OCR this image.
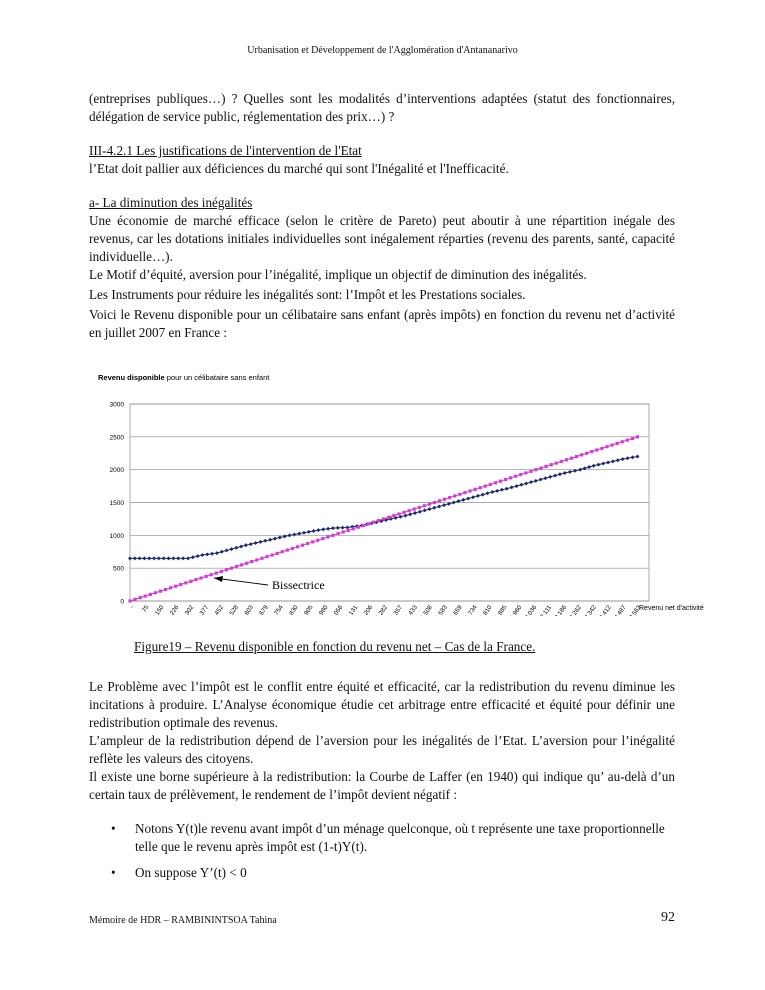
Urbanisation et Développement de l'Agglomération d'Antananarivo
(entreprises publiques…) ? Quelles sont les modalités d’interventions adaptées (statut des fonctionnaires, délégation de service public, réglementation des prix…) ?

III-4.2.1 Les justifications de l'intervention de l'Etat

l’Etat doit pallier aux déficiences du marché qui sont l'Inégalité et l'Inefficacité.

a- La diminution des inégalités

Une économie de marché efficace (selon le critère de Pareto) peut aboutir à une répartition inégale des revenus, car les dotations initiales individuelles sont inégalement réparties (revenu des parents, santé, capacité individuelle…).

Le Motif d’équité, aversion pour l’inégalité, implique un objectif de diminution des inégalités.

Les Instruments pour réduire les inégalités sont: l’Impôt et les Prestations sociales.

Voici le Revenu disponible pour un célibataire sans enfant (après impôts) en fonction du revenu net d’activité en juillet 2007 en France :

Revenu disponible pour un célibataire sans enfant
0
500
1000
1500
2000
2500
3000
- 75 150 226 302 377 452 528 603 679 754 830 905 980 1 056 1 131 1 206 1 282 1 357 1 433 1 508 1 583 1 659 1 734 1 810 1 885 1 960 2 036 2 111 2 186 2 262 2 342 2 412 2 487 2 563
Revenu net d'activité
Bissectrice
Figure19 – Revenu disponible en fonction du revenu net – Cas de la France.

Le Problème avec l’impôt est le conflit entre équité et efficacité, car la redistribution du revenu diminue les incitations à produire. L’Analyse économique étudie cet arbitrage entre efficacité et équité pour définir une redistribution optimale des revenus.

L’ampleur de la redistribution dépend de l’aversion pour les inégalités de l’Etat. L’aversion pour l’inégalité reflète les valeurs des citoyens.

Il existe une borne supérieure à la redistribution: la Courbe de Laffer (en 1940) qui indique qu’ au-delà d’un certain taux de prélèvement, le rendement de l’impôt devient négatif :

• Notons Y(t)le revenu avant impôt d’un ménage quelconque, où t représente une taxe proportionnelle telle que le revenu après impôt est (1-t)Y(t).
• On suppose Y’(t) < 0
Mémoire de HDR – RAMBININTSOA Tahina	92
